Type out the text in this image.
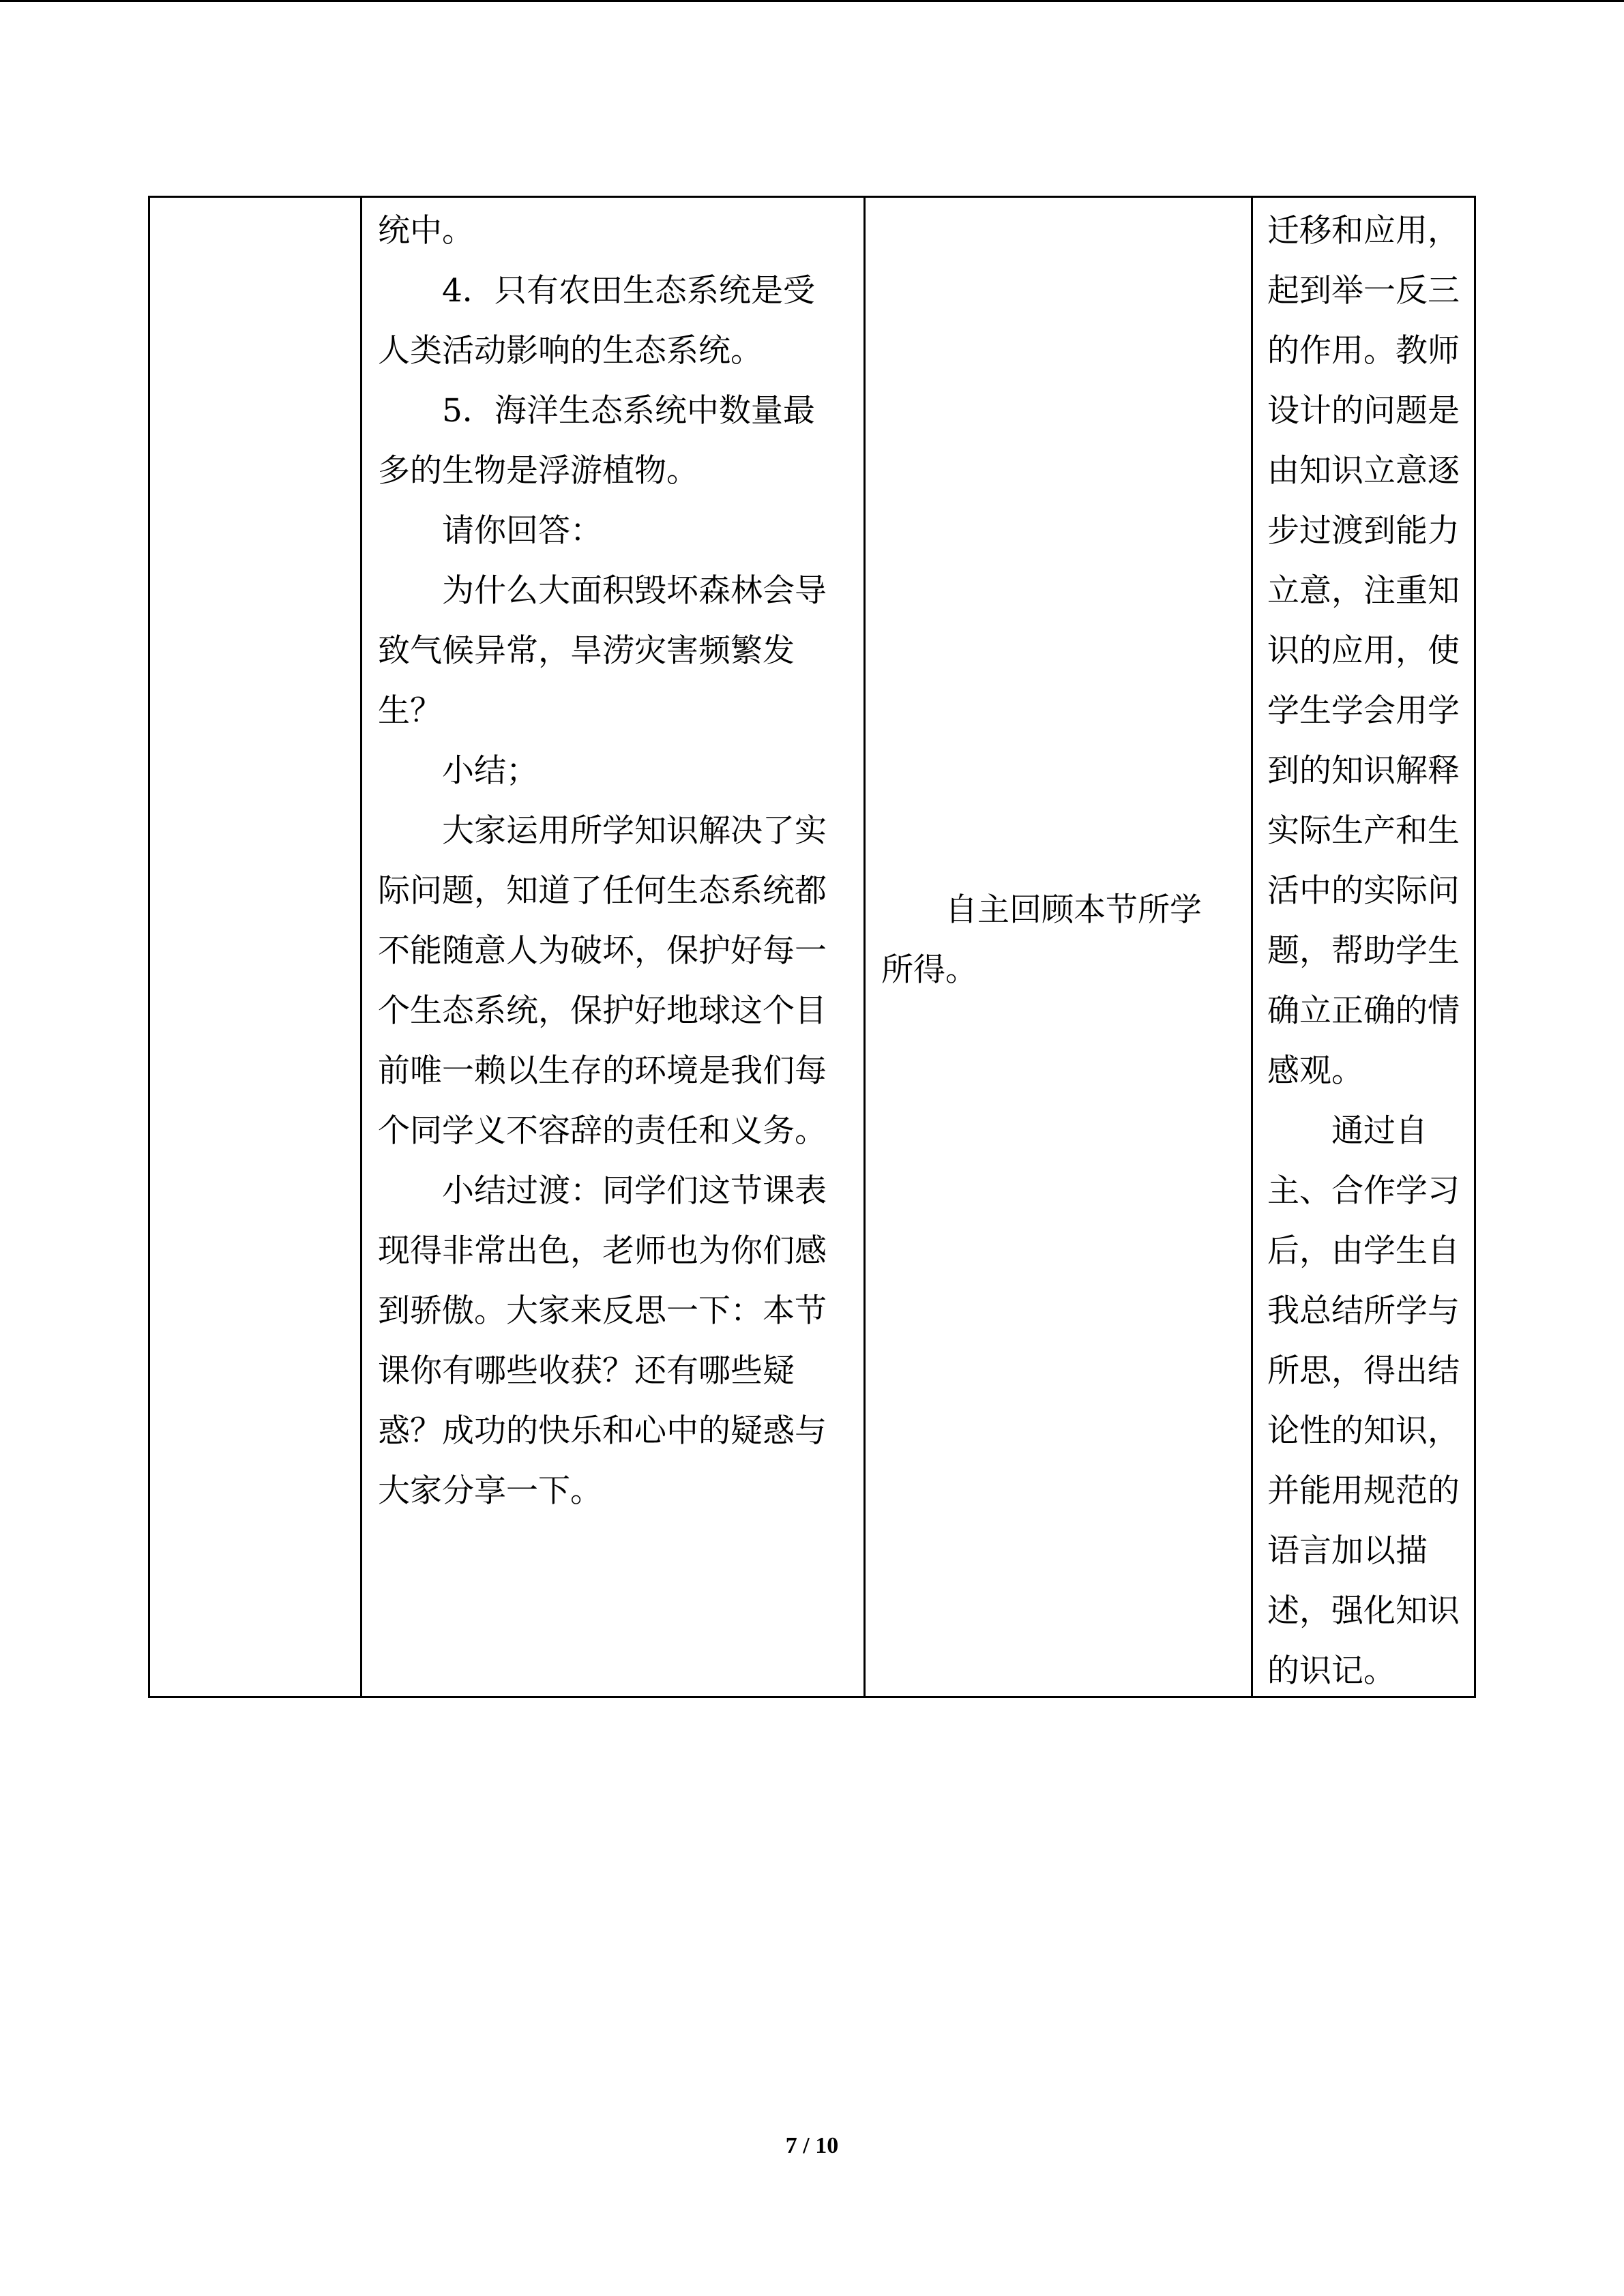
统中。
4．只有农田生态系统是受
人类活动影响的生态系统。
5．海洋生态系统中数量最
多的生物是浮游植物。
请你回答：
为什么大面积毁坏森林会导
致气候异常，旱涝灾害频繁发
生？
小结；
大家运用所学知识解决了实
际问题，知道了任何生态系统都
不能随意人为破坏，保护好每一
个生态系统，保护好地球这个目
前唯一赖以生存的环境是我们每
个同学义不容辞的责任和义务。
小结过渡：同学们这节课表
现得非常出色，老师也为你们感
到骄傲。大家来反思一下：本节
课你有哪些收获？还有哪些疑
惑？成功的快乐和心中的疑惑与
大家分享一下。
自主回顾本节所学
所得。
迁移和应用，
起到举一反三
的作用。教师
设计的问题是
由知识立意逐
步过渡到能力
立意，注重知
识的应用，使
学生学会用学
到的知识解释
实际生产和生
活中的实际问
题，帮助学生
确立正确的情
感观。
通过自
主、合作学习
后，由学生自
我总结所学与
所思，得出结
论性的知识，
并能用规范的
语言加以描
述，强化知识
的识记。
7 / 10
